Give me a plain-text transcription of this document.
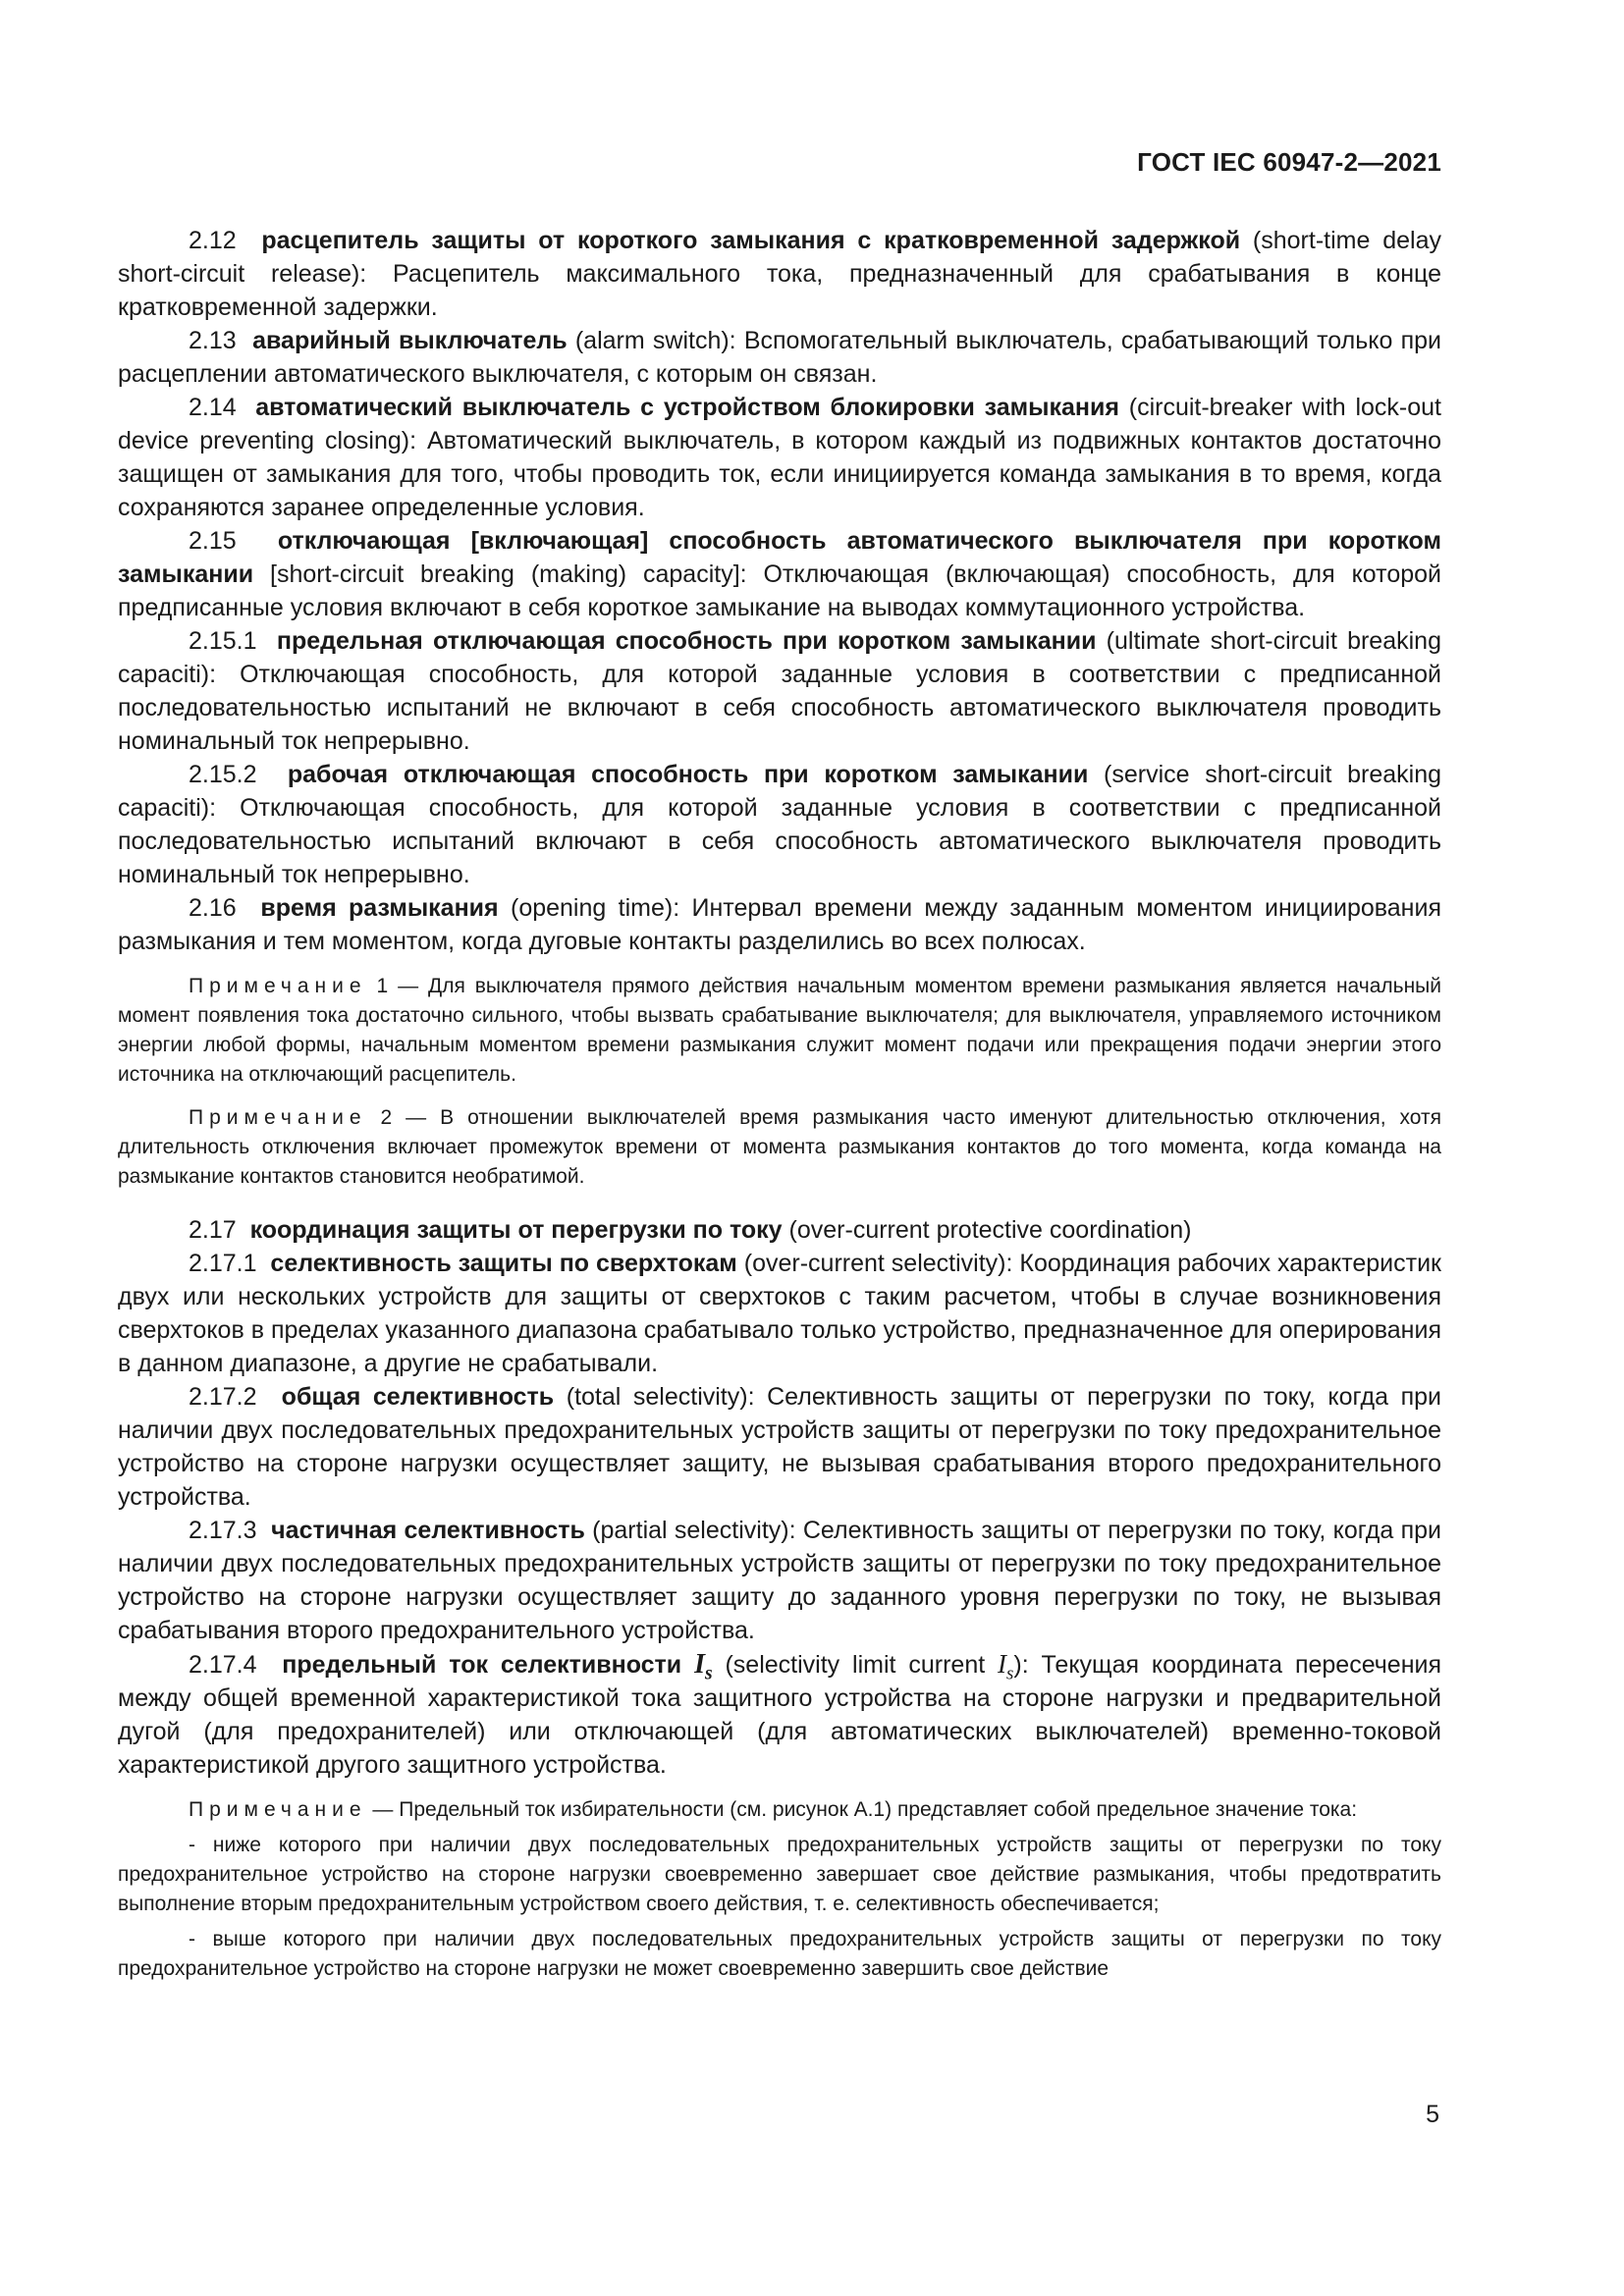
ГОСТ IEC 60947-2—2021

2.12 расцепитель защиты от короткого замыкания с кратковременной задержкой (short-time delay short-circuit release): Расцепитель максимального тока, предназначенный для срабатывания в конце кратковременной задержки.

2.13 аварийный выключатель (alarm switch): Вспомогательный выключатель, срабатывающий только при расцеплении автоматического выключателя, с которым он связан.

2.14 автоматический выключатель с устройством блокировки замыкания (circuit-breaker with lock-out device preventing closing): Автоматический выключатель, в котором каждый из подвижных контактов достаточно защищен от замыкания для того, чтобы проводить ток, если инициируется команда замыкания в то время, когда сохраняются заранее определенные условия.

2.15 отключающая [включающая] способность автоматического выключателя при коротком замыкании [short-circuit breaking (making) capacity]: Отключающая (включающая) способность, для которой предписанные условия включают в себя короткое замыкание на выводах коммутационного устройства.

2.15.1 предельная отключающая способность при коротком замыкании (ultimate short-circuit breaking capaciti): Отключающая способность, для которой заданные условия в соответствии с предписанной последовательностью испытаний не включают в себя способность автоматического выключателя проводить номинальный ток непрерывно.

2.15.2 рабочая отключающая способность при коротком замыкании (service short-circuit breaking capaciti): Отключающая способность, для которой заданные условия в соответствии с предписанной последовательностью испытаний включают в себя способность автоматического выключателя проводить номинальный ток непрерывно.

2.16 время размыкания (opening time): Интервал времени между заданным моментом инициирования размыкания и тем моментом, когда дуговые контакты разделились во всех полюсах.

Примечание 1 — Для выключателя прямого действия начальным моментом времени размыкания является начальный момент появления тока достаточно сильного, чтобы вызвать срабатывание выключателя; для выключателя, управляемого источником энергии любой формы, начальным моментом времени размыкания служит момент подачи или прекращения подачи энергии этого источника на отключающий расцепитель.

Примечание 2 — В отношении выключателей время размыкания часто именуют длительностью отключения, хотя длительность отключения включает промежуток времени от момента размыкания контактов до того момента, когда команда на размыкание контактов становится необратимой.

2.17 координация защиты от перегрузки по току (over-current protective coordination)

2.17.1 селективность защиты по сверхтокам (over-current selectivity): Координация рабочих характеристик двух или нескольких устройств для защиты от сверхтоков с таким расчетом, чтобы в случае возникновения сверхтоков в пределах указанного диапазона срабатывало только устройство, предназначенное для оперирования в данном диапазоне, а другие не срабатывали.

2.17.2 общая селективность (total selectivity): Селективность защиты от перегрузки по току, когда при наличии двух последовательных предохранительных устройств защиты от перегрузки по току предохранительное устройство на стороне нагрузки осуществляет защиту, не вызывая срабатывания второго предохранительного устройства.

2.17.3 частичная селективность (partial selectivity): Селективность защиты от перегрузки по току, когда при наличии двух последовательных предохранительных устройств защиты от перегрузки по току предохранительное устройство на стороне нагрузки осуществляет защиту до заданного уровня перегрузки по току, не вызывая срабатывания второго предохранительного устройства.

2.17.4 предельный ток селективности $I_s$ (selectivity limit current $I_s$): Текущая координата пересечения между общей временной характеристикой тока защитного устройства на стороне нагрузки и предварительной дугой (для предохранителей) или отключающей (для автоматических выключателей) временно-токовой характеристикой другого защитного устройства.

Примечание — Предельный ток избирательности (см. рисунок А.1) представляет собой предельное значение тока:

- ниже которого при наличии двух последовательных предохранительных устройств защиты от перегрузки по току предохранительное устройство на стороне нагрузки своевременно завершает свое действие размыкания, чтобы предотвратить выполнение вторым предохранительным устройством своего действия, т. е. селективность обеспечивается;

- выше которого при наличии двух последовательных предохранительных устройств защиты от перегрузки по току предохранительное устройство на стороне нагрузки не может своевременно завершить свое действие

5
